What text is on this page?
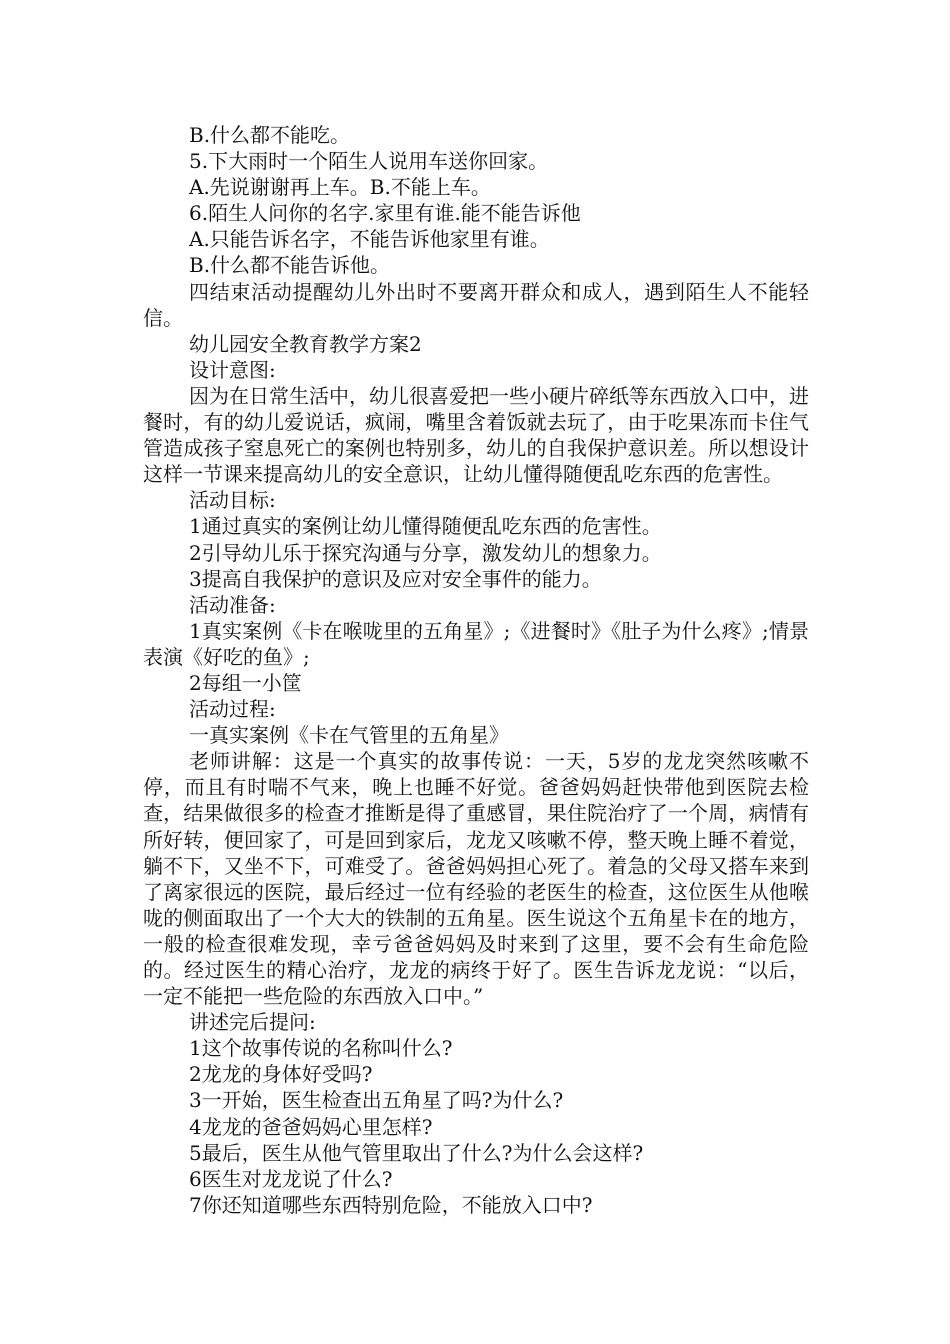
B.什么都不能吃。

5.下大雨时一个陌生人说用车送你回家。

A.先说谢谢再上车。B.不能上车。

6.陌生人问你的名字.家里有谁.能不能告诉他

A.只能告诉名字，不能告诉他家里有谁。

B.什么都不能告诉他。

四结束活动提醒幼儿外出时不要离开群众和成人，遇到陌生人不能轻信。

幼儿园安全教育教学方案2

设计意图:

因为在日常生活中，幼儿很喜爱把一些小硬片碎纸等东西放入口中，进餐时，有的幼儿爱说话，疯闹，嘴里含着饭就去玩了，由于吃果冻而卡住气管造成孩子窒息死亡的案例也特别多，幼儿的自我保护意识差。所以想设计这样一节课来提高幼儿的安全意识，让幼儿懂得随便乱吃东西的危害性。

活动目标:

1通过真实的案例让幼儿懂得随便乱吃东西的危害性。

2引导幼儿乐于探究沟通与分享，激发幼儿的想象力。

3提高自我保护的意识及应对安全事件的能力。

活动准备:

1真实案例《卡在喉咙里的五角星》;《进餐时》《肚子为什么疼》;情景表演《好吃的鱼》;

2每组一小筐

活动过程:

一真实案例《卡在气管里的五角星》

老师讲解：这是一个真实的故事传说：一天，5岁的龙龙突然咳嗽不停，而且有时喘不气来，晚上也睡不好觉。爸爸妈妈赶快带他到医院去检查，结果做很多的检查才推断是得了重感冒，果住院治疗了一个周，病情有所好转，便回家了，可是回到家后，龙龙又咳嗽不停，整天晚上睡不着觉，躺不下，又坐不下，可难受了。爸爸妈妈担心死了。着急的父母又搭车来到了离家很远的医院，最后经过一位有经验的老医生的检查，这位医生从他喉咙的侧面取出了一个大大的铁制的五角星。医生说这个五角星卡在的地方，一般的检查很难发现，幸亏爸爸妈妈及时来到了这里，要不会有生命危险的。经过医生的精心治疗，龙龙的病终于好了。医生告诉龙龙说：“以后，一定不能把一些危险的东西放入口中。”

讲述完后提问:

1这个故事传说的名称叫什么?

2龙龙的身体好受吗?

3一开始，医生检查出五角星了吗?为什么?

4龙龙的爸爸妈妈心里怎样?

5最后，医生从他气管里取出了什么?为什么会这样?

6医生对龙龙说了什么?

7你还知道哪些东西特别危险，不能放入口中?
